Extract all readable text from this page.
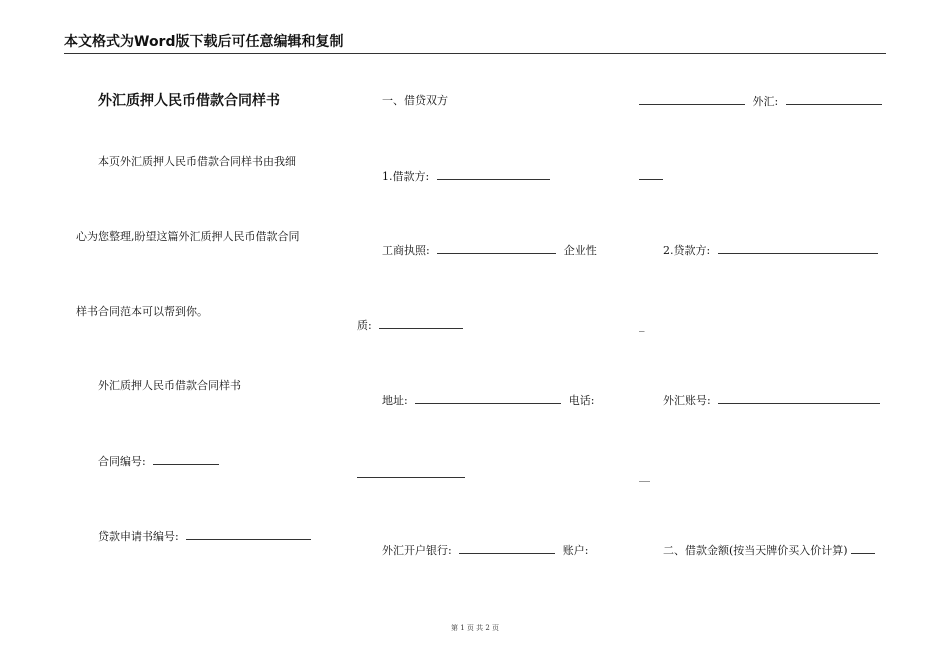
本文格式为Word版下载后可任意编辑和复制
外汇质押人民币借款合同样书
本页外汇质押人民币借款合同样书由我细
心为您整理,盼望这篇外汇质押人民币借款合同
样书合同范本可以帮到你。
外汇质押人民币借款合同样书
合同编号:
贷款申请书编号:
一、借贷双方
1.借款方:
工商执照:	企业性
质:
地址:	电话:
外汇开户银行:	账户:
外汇:
2.贷款方:
_
外汇账号:
__
二、借款金额(按当天牌价买入价计算)
第 1 页 共 2 页
